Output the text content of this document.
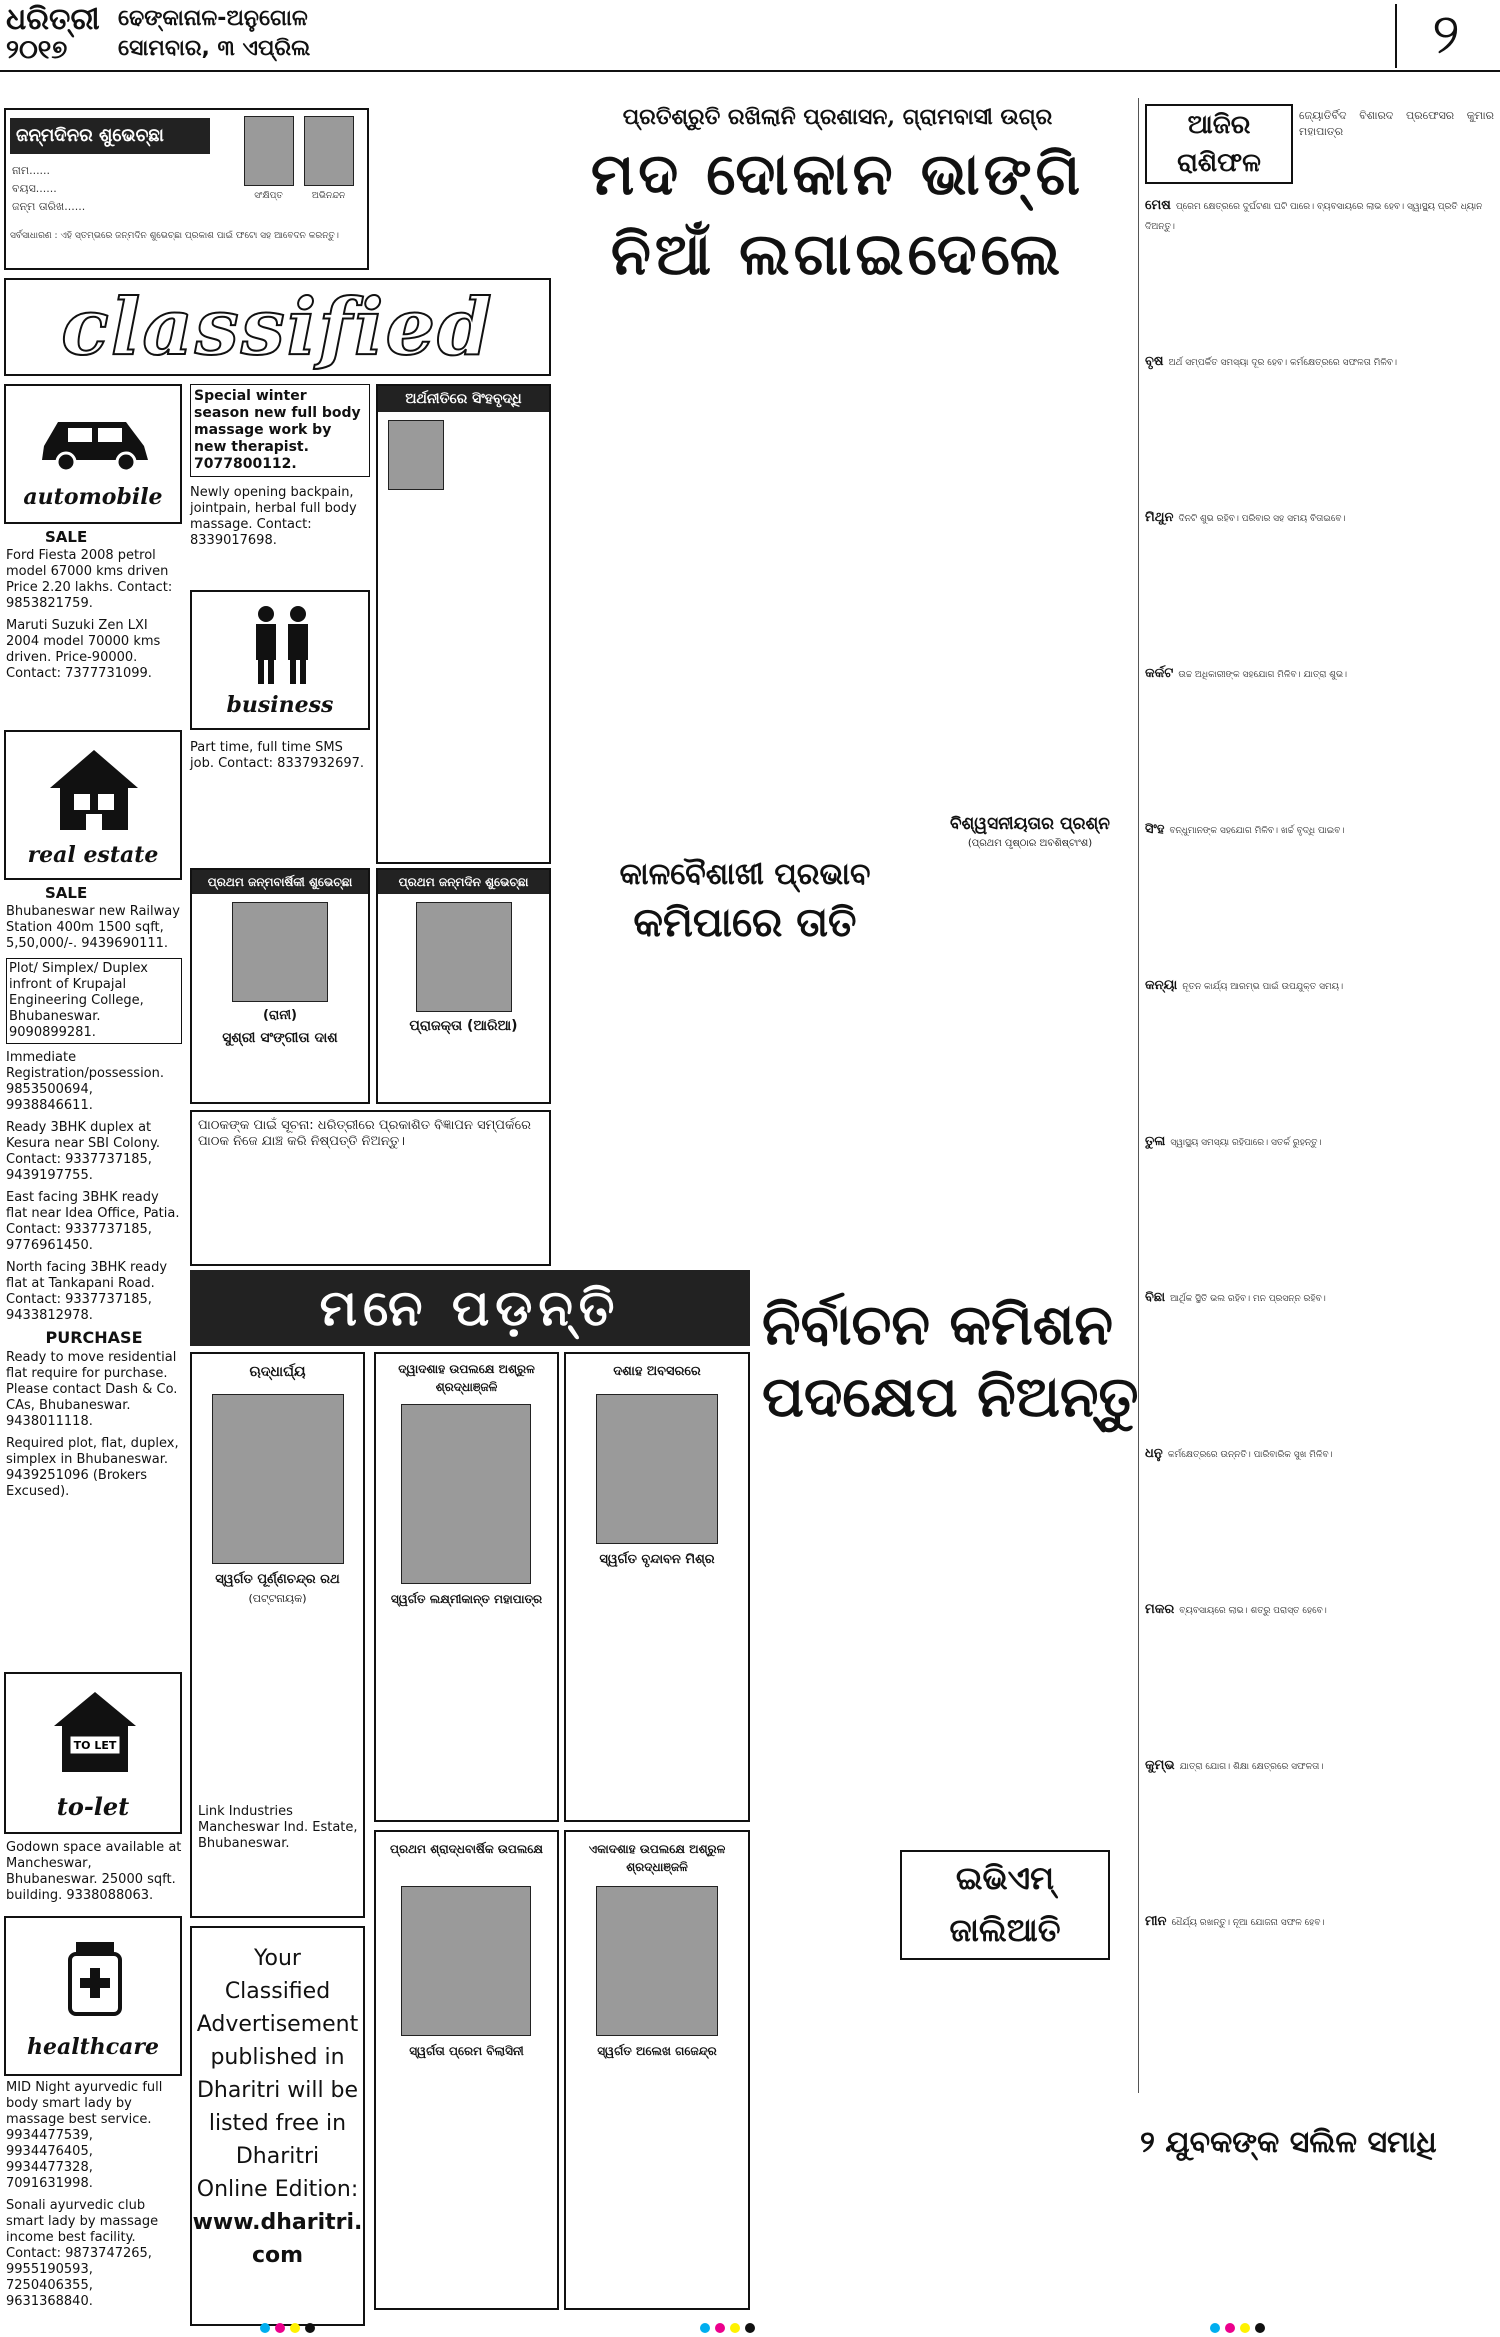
ଧରିତ୍ରୀ
୨୦୧୭
ଢେଙ୍କାନାଳ-ଅନୁଗୋଳ
ସୋମବାର, ୩ ଏପ୍ରିଲ	୨
ଜନ୍ମଦିନର ଶୁଭେଚ୍ଛା
ନାମ......
ବୟସ......
ଜନ୍ମ ତାରିଖ......
ସଂକ୍ଷିପ୍ତ	ଅଭିନନ୍ଦନ
ସର୍ବସାଧାରଣ : ଏହି ସ୍ତମ୍ଭରେ ଜନ୍ମଦିନ ଶୁଭେଚ୍ଛା ପ୍ରକାଶ ପାଇଁ ଫଟୋ ସହ ଆବେଦନ କରନ୍ତୁ।
classified
automobile
SALE

Ford Fiesta 2008 petrol model 67000 kms driven Price 2.20 lakhs. Contact: 9853821759.

Maruti Suzuki Zen LXI 2004 model 70000 kms driven. Price-90000. Contact: 7377731099.

real estate
SALE

Bhubaneswar new Railway Station 400m 1500 sqft, 5,50,000/-. 9439690111.

Plot/ Simplex/ Duplex infront of Krupajal Engineering College, Bhubaneswar. 9090899281.

Immediate Registration/possession. 9853500694, 9938846611.

Ready 3BHK duplex at Kesura near SBI Colony. Contact: 9337737185, 9439197755.

East facing 3BHK ready flat near Idea Office, Patia. Contact: 9337737185, 9776961450.

North facing 3BHK ready flat at Tankapani Road. Contact: 9337737185, 9433812978.

PURCHASE

Ready to move residential flat require for purchase. Please contact Dash & Co. CAs, Bhubaneswar. 9438011118.

Required plot, flat, duplex, simplex in Bhubaneswar. 9439251096 (Brokers Excused).

TO LET
to-let
Godown space available at Mancheswar, Bhubaneswar. 25000 sqft. building. 9338088063.
healthcare

MID Night ayurvedic full body smart lady by massage best service. 9934477539, 9934476405, 9934477328, 7091631998.

Sonali ayurvedic club smart lady by massage income best facility. Contact: 9873747265, 9955190593, 7250406355, 9631368840.

Special winter season new full body massage work by new therapist. 7077800112.

Newly opening backpain, jointpain, herbal full body massage. Contact: 8339017698.

business
Part time, full time SMS job. Contact: 8337932697.
ଅର୍ଥନୀତିରେ ସିଂହବୃଦ୍ଧି
ପ୍ରଥମ ଜନ୍ମବାର୍ଷିକୀ ଶୁଭେଚ୍ଛା
(ରାନୀ)
ସୁଶ୍ରୀ ସଂଙ୍ଗୀତା ଦାଶ
ପ୍ରଥମ ଜନ୍ମଦିନ ଶୁଭେଚ୍ଛା
ପ୍ରାଜକ୍ତା (ଆରିଆ)
ପାଠକଙ୍କ ପାଇଁ ସୂଚନା: ଧରିତ୍ରୀରେ ପ୍ରକାଶିତ ବିଜ୍ଞାପନ ସମ୍ପର୍କରେ ପାଠକ ନିଜେ ଯାଞ୍ଚ କରି ନିଷ୍ପତ୍ତି ନିଅନ୍ତୁ।
ମନେ ପଡ଼ନ୍ତି
ଋଦ୍ଧାର୍ଘ୍ୟ
ସ୍ୱର୍ଗତ ପୂର୍ଣ୍ଣଚନ୍ଦ୍ର ରଥ
(ପଟ୍ଟନାୟକ)
Link Industries Mancheswar Ind. Estate, Bhubaneswar.
ଦ୍ୱାଦଶାହ ଉପଲକ୍ଷେ ଅଶ୍ରୁଳ ଶ୍ରଦ୍ଧାଞ୍ଜଳି
ସ୍ୱର୍ଗତ ଲକ୍ଷ୍ମୀକାନ୍ତ ମହାପାତ୍ର
ଦଶାହ ଅବସରରେ
ସ୍ୱର୍ଗତ ବୃନ୍ଦାବନ ମିଶ୍ର
Your
Classified
Advertisement
published in
Dharitri will be
listed free in
Dharitri
Online Edition:
www.dharitri.
com
ପ୍ରଥମ ଶ୍ରାଦ୍ଧବାର୍ଷିକ ଉପଲକ୍ଷେ
ସ୍ୱର୍ଗତା ପ୍ରେମ ବିଲାସିନୀ
ଏକାଦଶାହ ଉପଲକ୍ଷେ ଅଶ୍ରୁଳ ଶ୍ରଦ୍ଧାଞ୍ଜଳି
ସ୍ୱର୍ଗତ ଅଲେଖ ଗଜେନ୍ଦ୍ର
ପ୍ରତିଶ୍ରୁତି ରଖିଲାନି ପ୍ରଶାସନ, ଗ୍ରାମବାସୀ ଉଗ୍ର
ମଦ ଦୋକାନ ଭାଙ୍ଗି
ନିଆଁ ଲଗାଇଦେଲେ
କାଳବୈଶାଖୀ ପ୍ରଭାବ
କମିପାରେ ତାତି
ବିଶ୍ୱସନୀୟତାର ପ୍ରଶ୍ନ
(ପ୍ରଥମ ପୃଷ୍ଠାର ଅବଶିଷ୍ଟାଂଶ)
ନିର୍ବାଚନ କମିଶନ
ପଦକ୍ଷେପ ନିଅନ୍ତୁ
ଇଭିଏମ୍
ଜାଲିଆତି
ଆଜିର
ରାଶିଫଳ
ଜ୍ୟୋତିର୍ବିଦ ବିଶାରଦ ପ୍ରଫେସର କୁମାର ମହାପାତ୍ର
ମେଷ ପ୍ରେମ କ୍ଷେତ୍ରରେ ଦୁର୍ଘଟଣା ଘଟି ପାରେ। ବ୍ୟବସାୟରେ ଲାଭ ହେବ। ସ୍ୱାସ୍ଥ୍ୟ ପ୍ରତି ଧ୍ୟାନ ଦିଅନ୍ତୁ।
ବୃଷ ଅର୍ଥ ସମ୍ପର୍କିତ ସମସ୍ୟା ଦୂର ହେବ। କର୍ମକ୍ଷେତ୍ରରେ ସଫଳତା ମିଳିବ।
ମିଥୁନ ଦିନଟି ଶୁଭ ରହିବ। ପରିବାର ସହ ସମୟ ବିତାଇବେ।
କର୍କଟ ଉଚ୍ଚ ଅଧିକାରୀଙ୍କ ସହଯୋଗ ମିଳିବ। ଯାତ୍ରା ଶୁଭ।
ସିଂହ ବନ୍ଧୁମାନଙ୍କ ସହଯୋଗ ମିଳିବ। ଖର୍ଚ୍ଚ ବୃଦ୍ଧି ପାଇବ।
କନ୍ୟା ନୂତନ କାର୍ଯ୍ୟ ଆରମ୍ଭ ପାଇଁ ଉପଯୁକ୍ତ ସମୟ।
ତୁଳା ସ୍ୱାସ୍ଥ୍ୟ ସମସ୍ୟା ରହିପାରେ। ସତର୍କ ରୁହନ୍ତୁ।
ବିଛା ଆର୍ଥିକ ସ୍ଥିତି ଭଲ ରହିବ। ମନ ପ୍ରସନ୍ନ ରହିବ।
ଧନୁ କର୍ମକ୍ଷେତ୍ରରେ ଉନ୍ନତି। ପାରିବାରିକ ସୁଖ ମିଳିବ।
ମକର ବ୍ୟବସାୟରେ ଲାଭ। ଶତ୍ରୁ ପରାସ୍ତ ହେବେ।
କୁମ୍ଭ ଯାତ୍ରା ଯୋଗ। ଶିକ୍ଷା କ୍ଷେତ୍ରରେ ସଫଳତା।
ମୀନ ଧୈର୍ଯ୍ୟ ରଖନ୍ତୁ। ନୂଆ ଯୋଜନା ସଫଳ ହେବ।
୨ ଯୁବକଙ୍କ ସଲିଳ ସମାଧି
